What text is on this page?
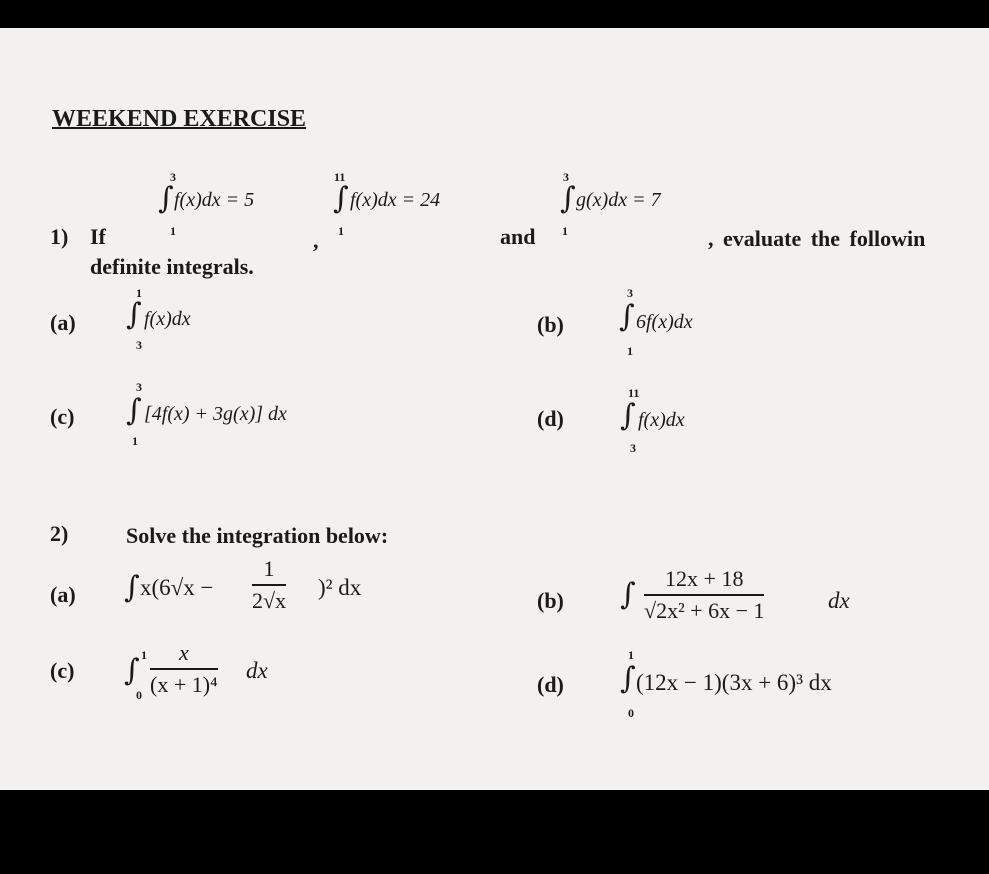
WEEKEND EXERCISE
1) If
3
∫
1
f(x)dx = 5
,
11
∫
1
f(x)dx = 24
and
3
∫
1
g(x)dx = 7
, evaluate the followin
definite integrals.
(a)
1
∫
3
f(x)dx	(b)
3
∫
1
6f(x)dx
(c)
3
∫
1
[4f(x) + 3g(x)] dx	(d)
11
∫
3
f(x)dx
2)	Solve the integration below:
(a) ∫ x(6√x −
1
2√x )² dx
(b) ∫ 12x + 18
√2x² + 6x − 1	dx
(c) ∫ 1
0
x
(x + 1)⁴
dx
(d)
1
∫
0
(12x − 1)(3x + 6)³ dx
